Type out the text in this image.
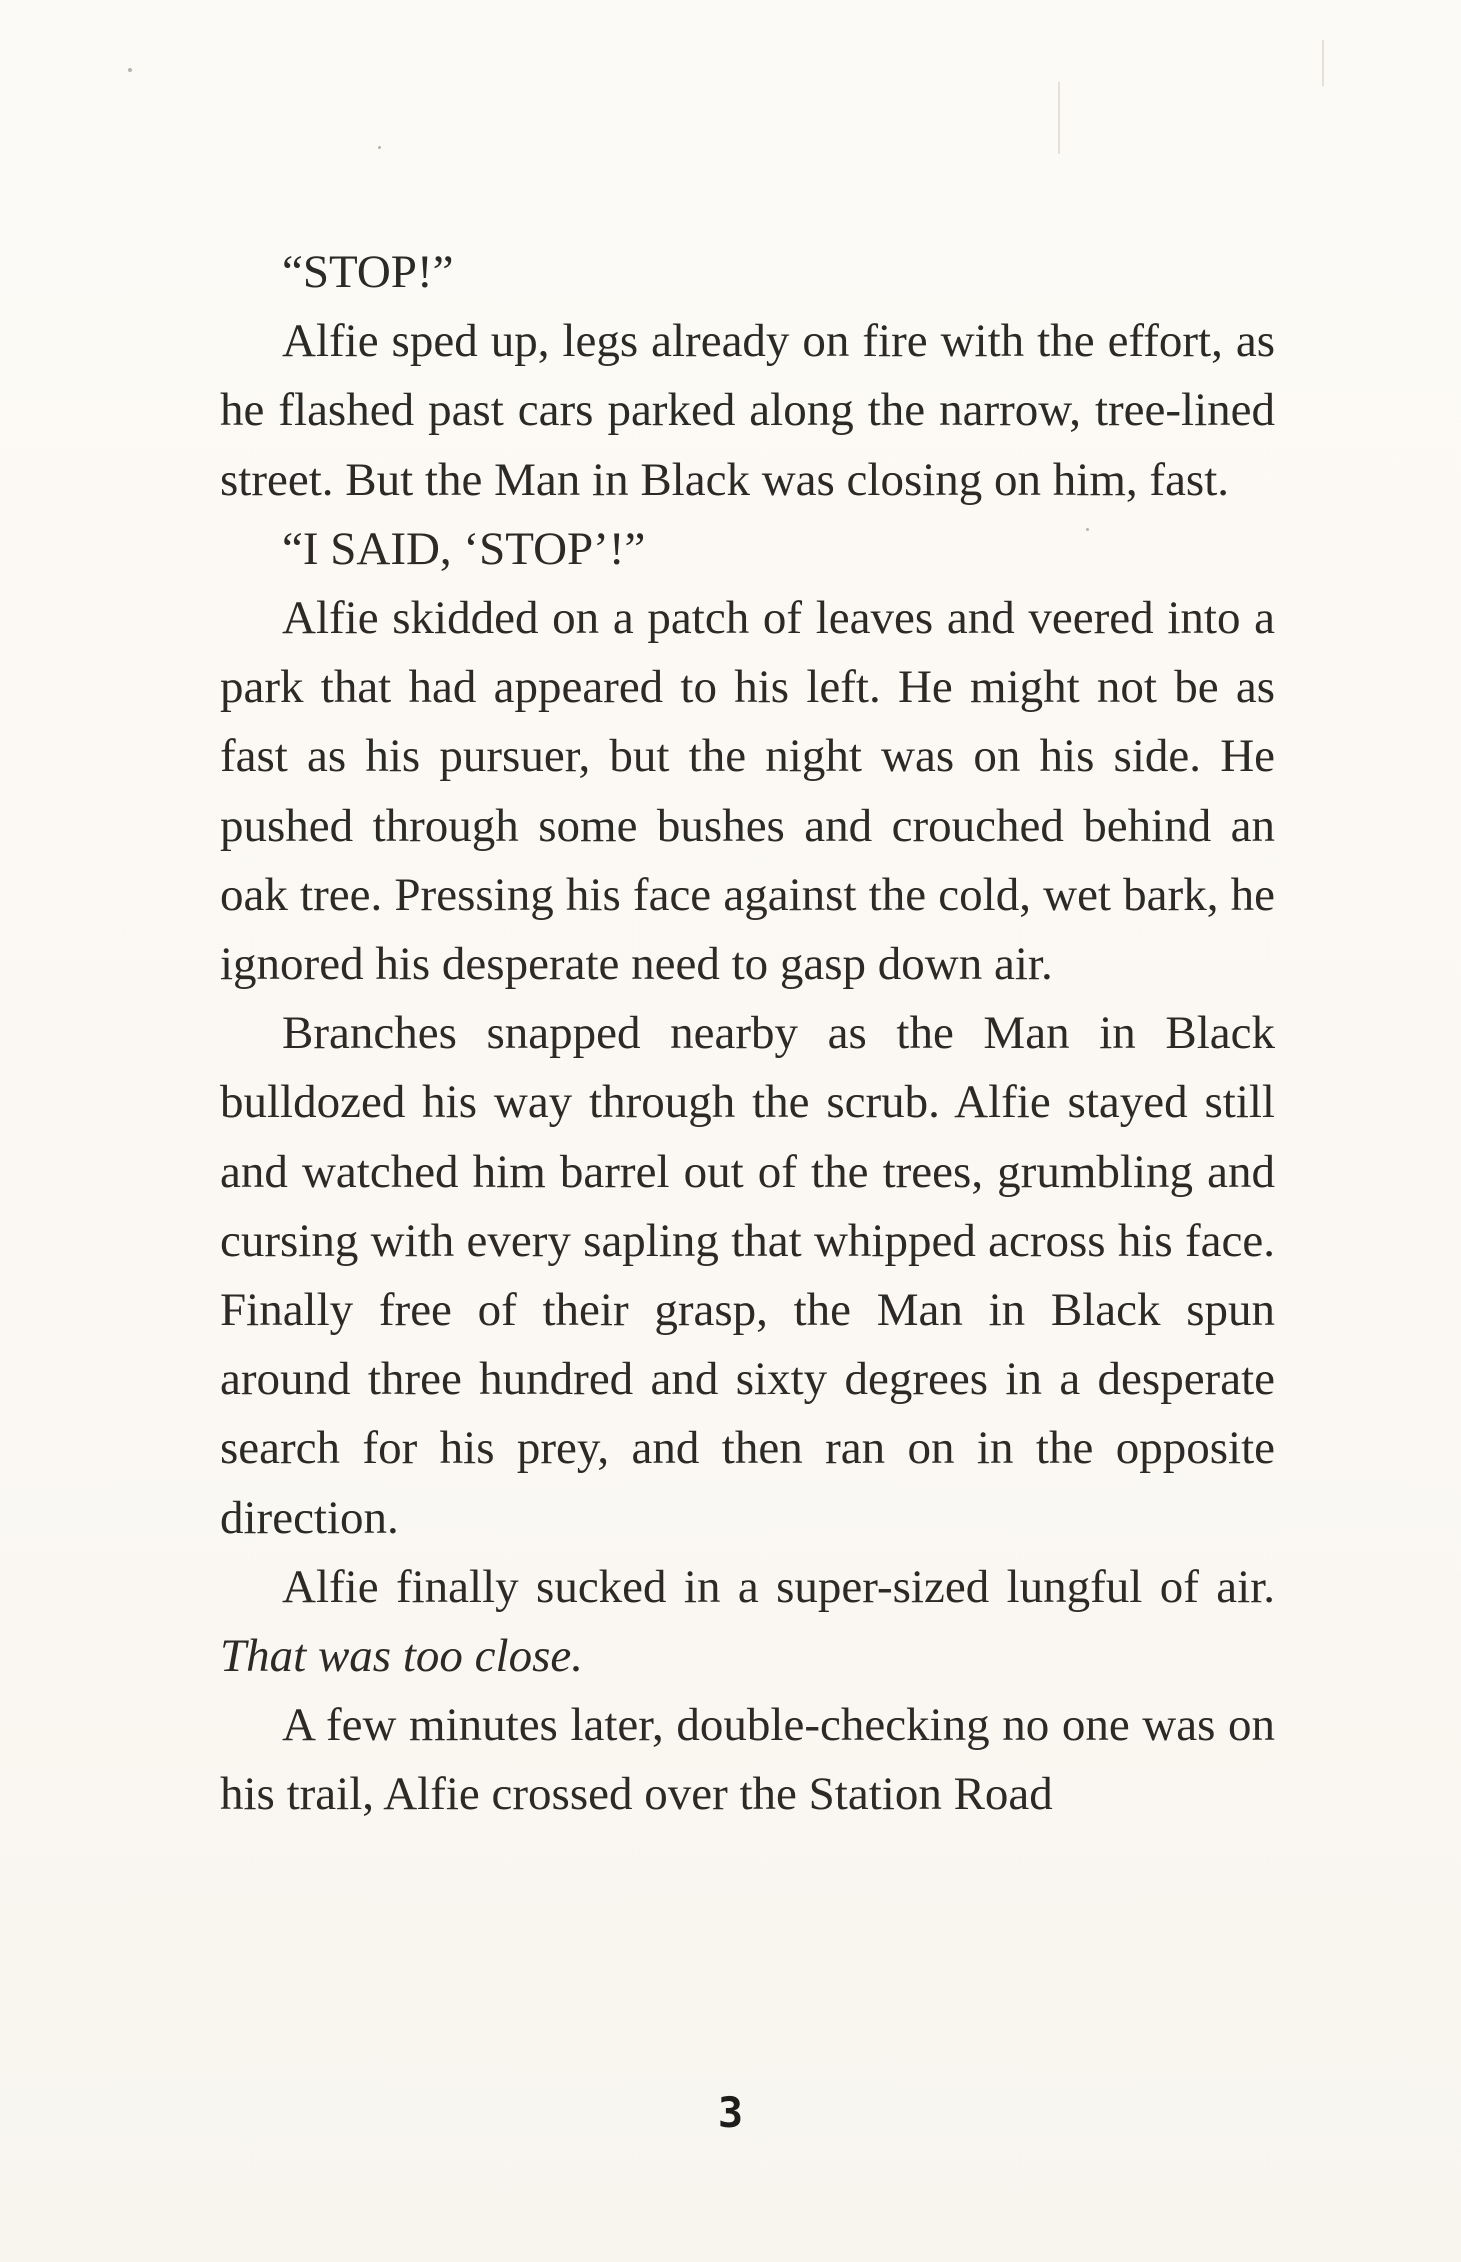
“STOP!”

Alfie sped up, legs already on fire with the effort, as he flashed past cars parked along the narrow, tree-lined street. But the Man in Black was closing on him, fast.

“I SAID, ‘STOP’!”

Alfie skidded on a patch of leaves and veered into a park that had appeared to his left. He might not be as fast as his pursuer, but the night was on his side. He pushed through some bushes and crouched behind an oak tree. Pressing his face against the cold, wet bark, he ignored his desperate need to gasp down air.

Branches snapped nearby as the Man in Black bulldozed his way through the scrub. Alfie stayed still and watched him barrel out of the trees, grumbling and cursing with every sapling that whipped across his face. Finally free of their grasp, the Man in Black spun around three hundred and sixty degrees in a desperate search for his prey, and then ran on in the opposite direction.

Alfie finally sucked in a super-sized lungful of air. That was too close.

A few minutes later, double-checking no one was on his trail, Alfie crossed over the Station Road

3
